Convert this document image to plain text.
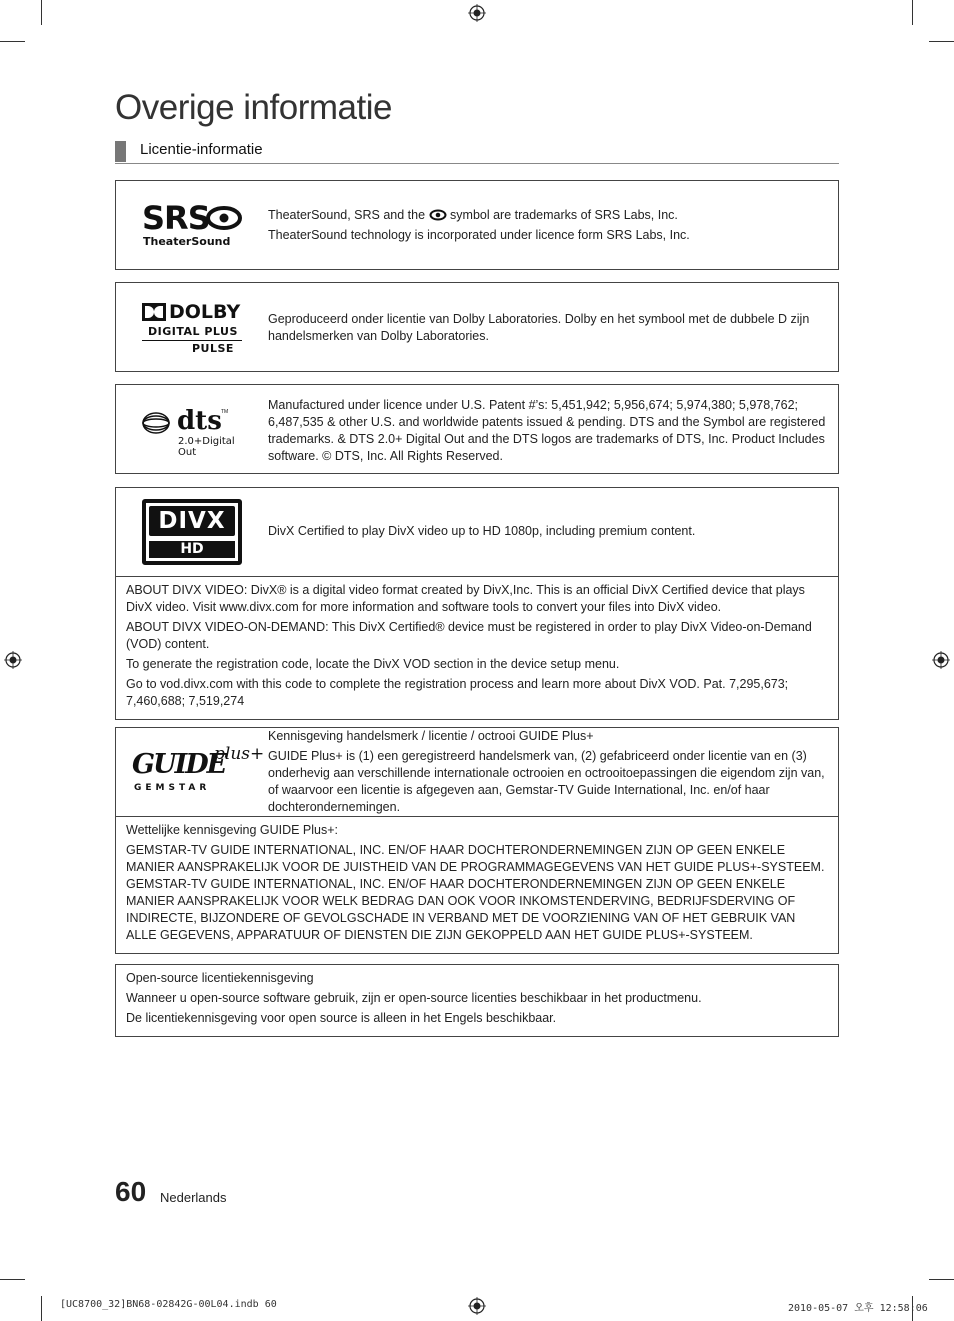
Overige informatie
Licentie-informatie
SRS
TheaterSound

TheaterSound, SRS and the symbol are trademarks of SRS Labs, Inc.

TheaterSound technology is incorporated under licence form SRS Labs, Inc.

DOLBY
DIGITAL PLUS
PULSE
Geproduceerd onder licentie van Dolby Laboratories. Dolby en het symbool met de dubbele D zijn handelsmerken van Dolby Laboratories.
dts TM
2.0+Digital Out
Manufactured under licence under U.S. Patent #’s: 5,451,942; 5,956,674; 5,974,380; 5,978,762; 6,487,535 & other U.S. and worldwide patents issued & pending. DTS and the Symbol are registered trademarks. & DTS 2.0+ Digital Out and the DTS logos are trademarks of DTS, Inc. Product Includes software. © DTS, Inc. All Rights Reserved.
DIVX
HD
DivX Certified to play DivX video up to HD 1080p, including premium content.

ABOUT DIVX VIDEO: DivX® is a digital video format created by DivX,Inc. This is an official DivX Certified device that plays DivX video. Visit www.divx.com for more information and software tools to convert your files into DivX video.

ABOUT DIVX VIDEO-ON-DEMAND: This DivX Certified® device must be registered in order to play DivX Video-on-Demand (VOD) content.

To generate the registration code, locate the DivX VOD section in the device setup menu.

Go to vod.divx.com with this code to complete the registration process and learn more about DivX VOD. Pat. 7,295,673; 7,460,688; 7,519,274

GUIDE
plus+
GEMSTAR

Kennisgeving handelsmerk / licentie / octrooi GUIDE Plus+

GUIDE Plus+ is (1) een geregistreerd handelsmerk van, (2) gefabriceerd onder licentie van en (3) onderhevig aan verschillende internationale octrooien en octrooitoepassingen die eigendom zijn van, of waarvoor een licentie is afgegeven aan, Gemstar-TV Guide International, Inc. en/of haar dochterondernemingen.

Wettelijke kennisgeving GUIDE Plus+:

GEMSTAR-TV GUIDE INTERNATIONAL, INC. EN/OF HAAR DOCHTERONDERNEMINGEN ZIJN OP GEEN ENKELE MANIER AANSPRAKELIJK VOOR DE JUISTHEID VAN DE PROGRAMMAGEGEVENS VAN HET GUIDE PLUS+-SYSTEEM. GEMSTAR-TV GUIDE INTERNATIONAL, INC. EN/OF HAAR DOCHTERONDERNEMINGEN ZIJN OP GEEN ENKELE MANIER AANSPRAKELIJK VOOR WELK BEDRAG DAN OOK VOOR INKOMSTENDERVING, BEDRIJFSDERVING OF INDIRECTE, BIJZONDERE OF GEVOLGSCHADE IN VERBAND MET DE VOORZIENING VAN OF HET GEBRUIK VAN ALLE GEGEVENS, APPARATUUR OF DIENSTEN DIE ZIJN GEKOPPELD AAN HET GUIDE PLUS+-SYSTEEM.

Open-source licentiekennisgeving

Wanneer u open-source software gebruik, zijn er open-source licenties beschikbaar in het productmenu.

De licentiekennisgeving voor open source is alleen in het Engels beschikbaar.

60 Nederlands
[UC8700_32]BN68-02842G-00L04.indb 60	2010-05-07 오후 12:58:06
